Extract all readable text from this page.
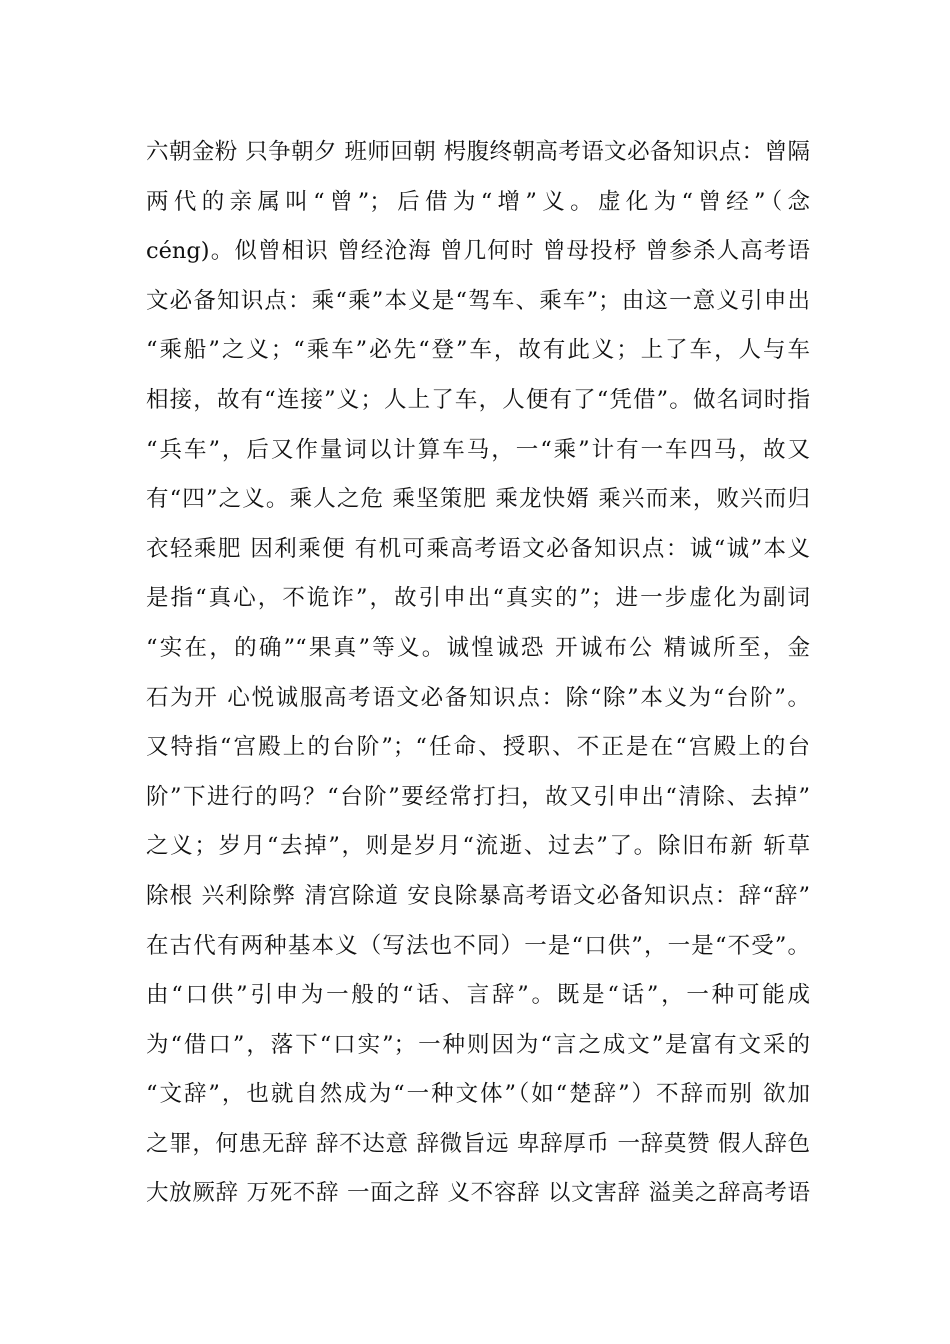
六朝金粉 只争朝夕 班师回朝 枵腹终朝高考语文必备知识点：曾隔
两代的亲属叫“曾”；后借为“增”义。虚化为“曾经”（念
céng)。似曾相识 曾经沧海 曾几何时 曾母投杼 曾参杀人高考语
文必备知识点：乘“乘”本义是“驾车、乘车”；由这一意义引申出
“乘船”之义；“乘车”必先“登”车，故有此义；上了车，人与车
相接，故有“连接”义；人上了车，人便有了“凭借”。做名词时指
“兵车”，后又作量词以计算车马，一“乘”计有一车四马，故又
有“四”之义。乘人之危 乘坚策肥 乘龙快婿 乘兴而来，败兴而归
衣轻乘肥 因利乘便 有机可乘高考语文必备知识点：诚“诚”本义
是指“真心，不诡诈”，故引申出“真实的”；进一步虚化为副词
“实在，的确”“果真”等义。诚惶诚恐 开诚布公 精诚所至，金
石为开 心悦诚服高考语文必备知识点：除“除”本义为“台阶”。
又特指“宫殿上的台阶”；“任命、授职、不正是在“宫殿上的台
阶”下进行的吗？“台阶”要经常打扫，故又引申出“清除、去掉”
之义；岁月“去掉”，则是岁月“流逝、过去”了。除旧布新 斩草
除根 兴利除弊 清宫除道 安良除暴高考语文必备知识点：辞“辞”
在古代有两种基本义（写法也不同）一是“口供”，一是“不受”。
由“口供”引申为一般的“话、言辞”。既是“话”，一种可能成
为“借口”，落下“口实”；一种则因为“言之成文”是富有文采的
“文辞”，也就自然成为“一种文体”（如“楚辞”）不辞而别 欲加
之罪，何患无辞 辞不达意 辞微旨远 卑辞厚币 一辞莫赞 假人辞色
大放厥辞 万死不辞 一面之辞 义不容辞 以文害辞 溢美之辞高考语
